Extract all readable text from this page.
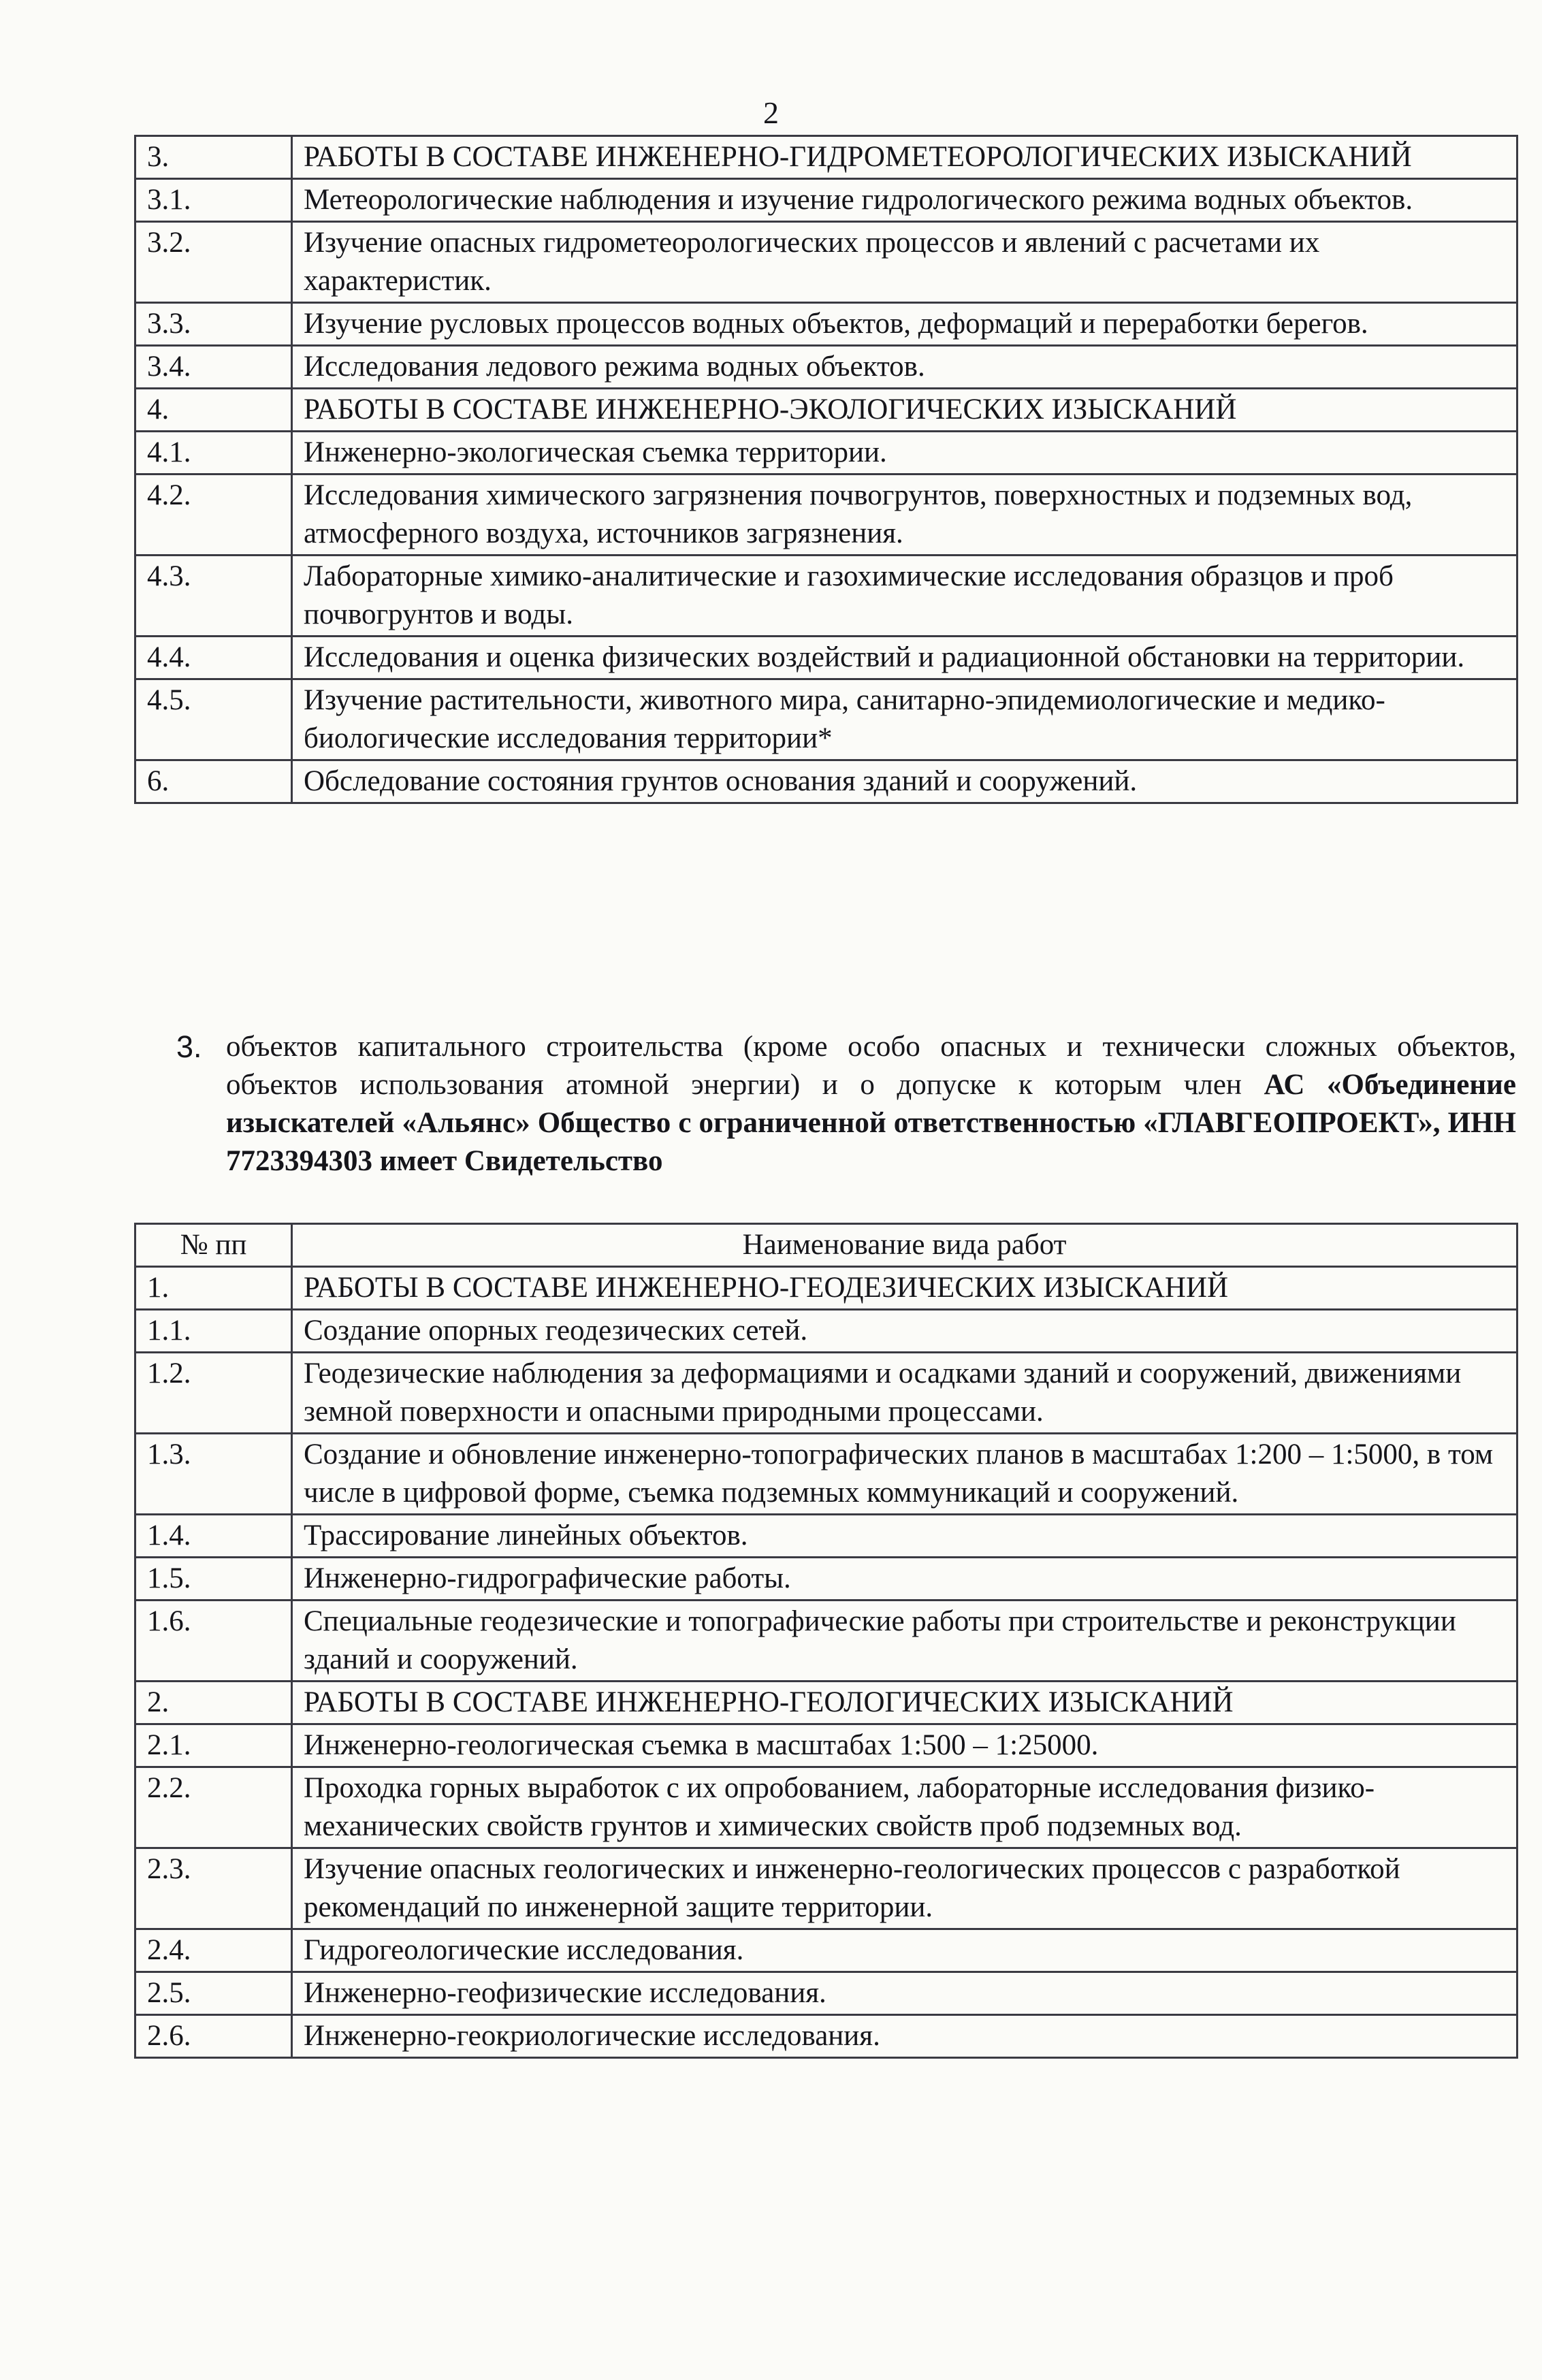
2
3.	РАБОТЫ В СОСТАВЕ ИНЖЕНЕРНО-ГИДРОМЕТЕОРОЛОГИЧЕСКИХ ИЗЫСКАНИЙ
3.1.	Метеорологические наблюдения и изучение гидрологического режима водных объектов.
3.2.	Изучение опасных гидрометеорологических процессов и явлений с расчетами их характеристик.
3.3.	Изучение русловых процессов водных объектов, деформаций и переработки берегов.
3.4.	Исследования ледового режима водных объектов.
4.	РАБОТЫ В СОСТАВЕ ИНЖЕНЕРНО-ЭКОЛОГИЧЕСКИХ ИЗЫСКАНИЙ
4.1.	Инженерно-экологическая съемка территории.
4.2.	Исследования химического загрязнения почвогрунтов, поверхностных и подземных вод, атмосферного воздуха, источников загрязнения.
4.3.	Лабораторные химико-аналитические и газохимические исследования образцов и проб почвогрунтов и воды.
4.4.	Исследования и оценка физических воздействий и радиационной обстановки на территории.
4.5.	Изучение растительности, животного мира, санитарно-эпидемиологические и медико-биологические исследования территории*
6.	Обследование состояния грунтов основания зданий и сооружений.
3. объектов капитального строительства (кроме особо опасных и технически сложных объектов, объектов использования атомной энергии) и о допуске к которым член АС «Объединение изыскателей «Альянс» Общество с ограниченной ответственностью «ГЛАВГЕОПРОЕКТ», ИНН 7723394303 имеет Свидетельство
№ пп	Наименование вида работ
1.	РАБОТЫ В СОСТАВЕ ИНЖЕНЕРНО-ГЕОДЕЗИЧЕСКИХ ИЗЫСКАНИЙ
1.1.	Создание опорных геодезических сетей.
1.2.	Геодезические наблюдения за деформациями и осадками зданий и сооружений, движениями земной поверхности и опасными природными процессами.
1.3.	Создание и обновление инженерно-топографических планов в масштабах 1:200 – 1:5000, в том числе в цифровой форме, съемка подземных коммуникаций и сооружений.
1.4.	Трассирование линейных объектов.
1.5.	Инженерно-гидрографические работы.
1.6.	Специальные геодезические и топографические работы при строительстве и реконструкции зданий и сооружений.
2.	РАБОТЫ В СОСТАВЕ ИНЖЕНЕРНО-ГЕОЛОГИЧЕСКИХ ИЗЫСКАНИЙ
2.1.	Инженерно-геологическая съемка в масштабах 1:500 – 1:25000.
2.2.	Проходка горных выработок с их опробованием, лабораторные исследования физико-механических свойств грунтов и химических свойств проб подземных вод.
2.3.	Изучение опасных геологических и инженерно-геологических процессов с разработкой рекомендаций по инженерной защите территории.
2.4.	Гидрогеологические исследования.
2.5.	Инженерно-геофизические исследования.
2.6.	Инженерно-геокриологические исследования.
